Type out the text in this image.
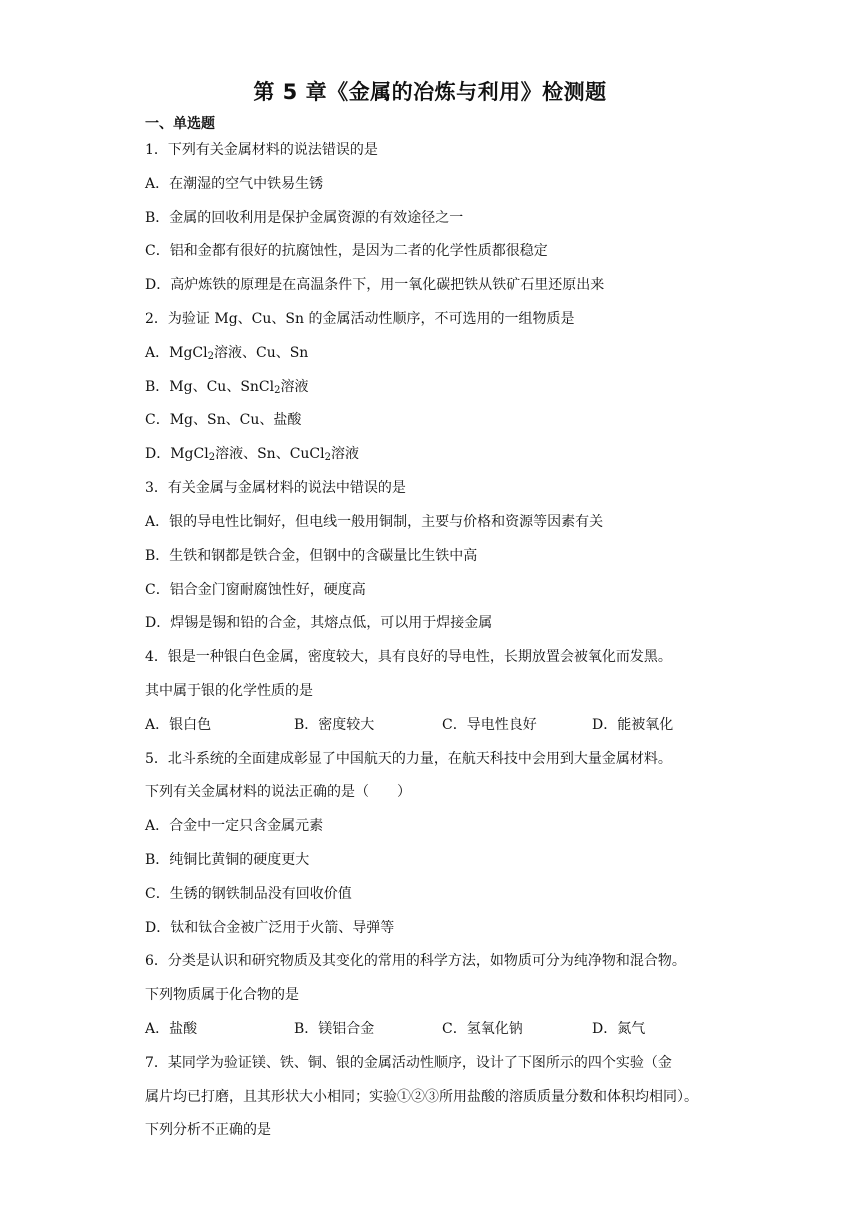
第 5 章《金属的冶炼与利用》检测题
一、单选题
1．下列有关金属材料的说法错误的是
A．在潮湿的空气中铁易生锈
B．金属的回收利用是保护金属资源的有效途径之一
C．铝和金都有很好的抗腐蚀性，是因为二者的化学性质都很稳定
D．高炉炼铁的原理是在高温条件下，用一氧化碳把铁从铁矿石里还原出来
2．为验证 Mg、Cu、Sn 的金属活动性顺序，不可选用的一组物质是
A．MgCl$_2$溶液、Cu、Sn
B．Mg、Cu、SnCl$_2$溶液
C．Mg、Sn、Cu、盐酸
D．MgCl$_2$溶液、Sn、CuCl$_2$溶液
3．有关金属与金属材料的说法中错误的是
A．银的导电性比铜好，但电线一般用铜制，主要与价格和资源等因素有关
B．生铁和钢都是铁合金，但钢中的含碳量比生铁中高
C．铝合金门窗耐腐蚀性好，硬度高
D．焊锡是锡和铅的合金，其熔点低，可以用于焊接金属
4．银是一种银白色金属，密度较大，具有良好的导电性，长期放置会被氧化而发黑。
其中属于银的化学性质的是
A．银白色	B．密度较大	C．导电性良好	D．能被氧化
5．北斗系统的全面建成彰显了中国航天的力量，在航天科技中会用到大量金属材料。
下列有关金属材料的说法正确的是（　　）
A．合金中一定只含金属元素
B．纯铜比黄铜的硬度更大
C．生锈的钢铁制品没有回收价值
D．钛和钛合金被广泛用于火箭、导弹等
6．分类是认识和研究物质及其变化的常用的科学方法，如物质可分为纯净物和混合物。
下列物质属于化合物的是
A．盐酸	B．镁铝合金	C．氢氧化钠	D．氮气
7．某同学为验证镁、铁、铜、银的金属活动性顺序，设计了下图所示的四个实验（金
属片均已打磨，且其形状大小相同；实验①②③所用盐酸的溶质质量分数和体积均相同）。
下列分析不正确的是
